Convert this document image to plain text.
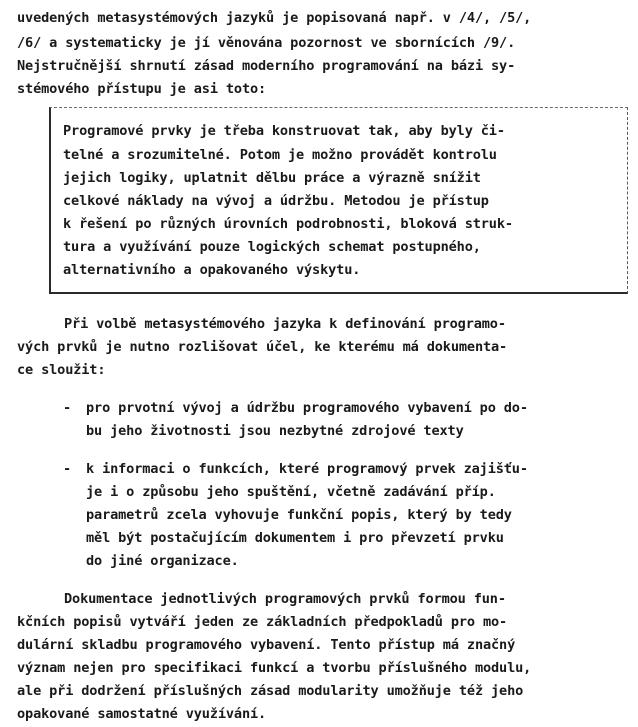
uvedených metasystémových jazyků je popisovaná např. v /4/, /5/,
/6/ a systematicky je jí věnována pozornost ve sbornících /9/.
Nejstručnější shrnutí zásad moderního programování na bázi sy-
stémového přístupu je asi toto:
Programové prvky je třeba konstruovat tak, aby byly či-
telné a srozumitelné. Potom je možno provádět kontrolu
jejich logiky, uplatnit dělbu práce a výrazně snížit
celkové náklady na vývoj a údržbu. Metodou je přístup
k řešení po různých úrovních podrobnosti, bloková struk-
tura a využívání pouze logických schemat postupného,
alternativního a opakovaného výskytu.
Při volbě metasystémového jazyka k definování programo-
vých prvků je nutno rozlišovat účel, ke kterému má dokumenta-
ce sloužit:
- pro prvotní vývoj a údržbu programového vybavení po do-
bu jeho životnosti jsou nezbytné zdrojové texty
- k informaci o funkcích, které programový prvek zajišťu-
je i o způsobu jeho spuštění, včetně zadávání příp.
parametrů zcela vyhovuje funkční popis, který by tedy
měl být postačujícím dokumentem i pro převzetí prvku
do jiné organizace.
Dokumentace jednotlivých programových prvků formou fun-
kčních popisů vytváří jeden ze základních předpokladů pro mo-
dulární skladbu programového vybavení. Tento přístup má značný
význam nejen pro specifikaci funkcí a tvorbu příslušného modulu,
ale při dodržení příslušných zásad modularity umožňuje též jeho
opakované samostatné využívání.
